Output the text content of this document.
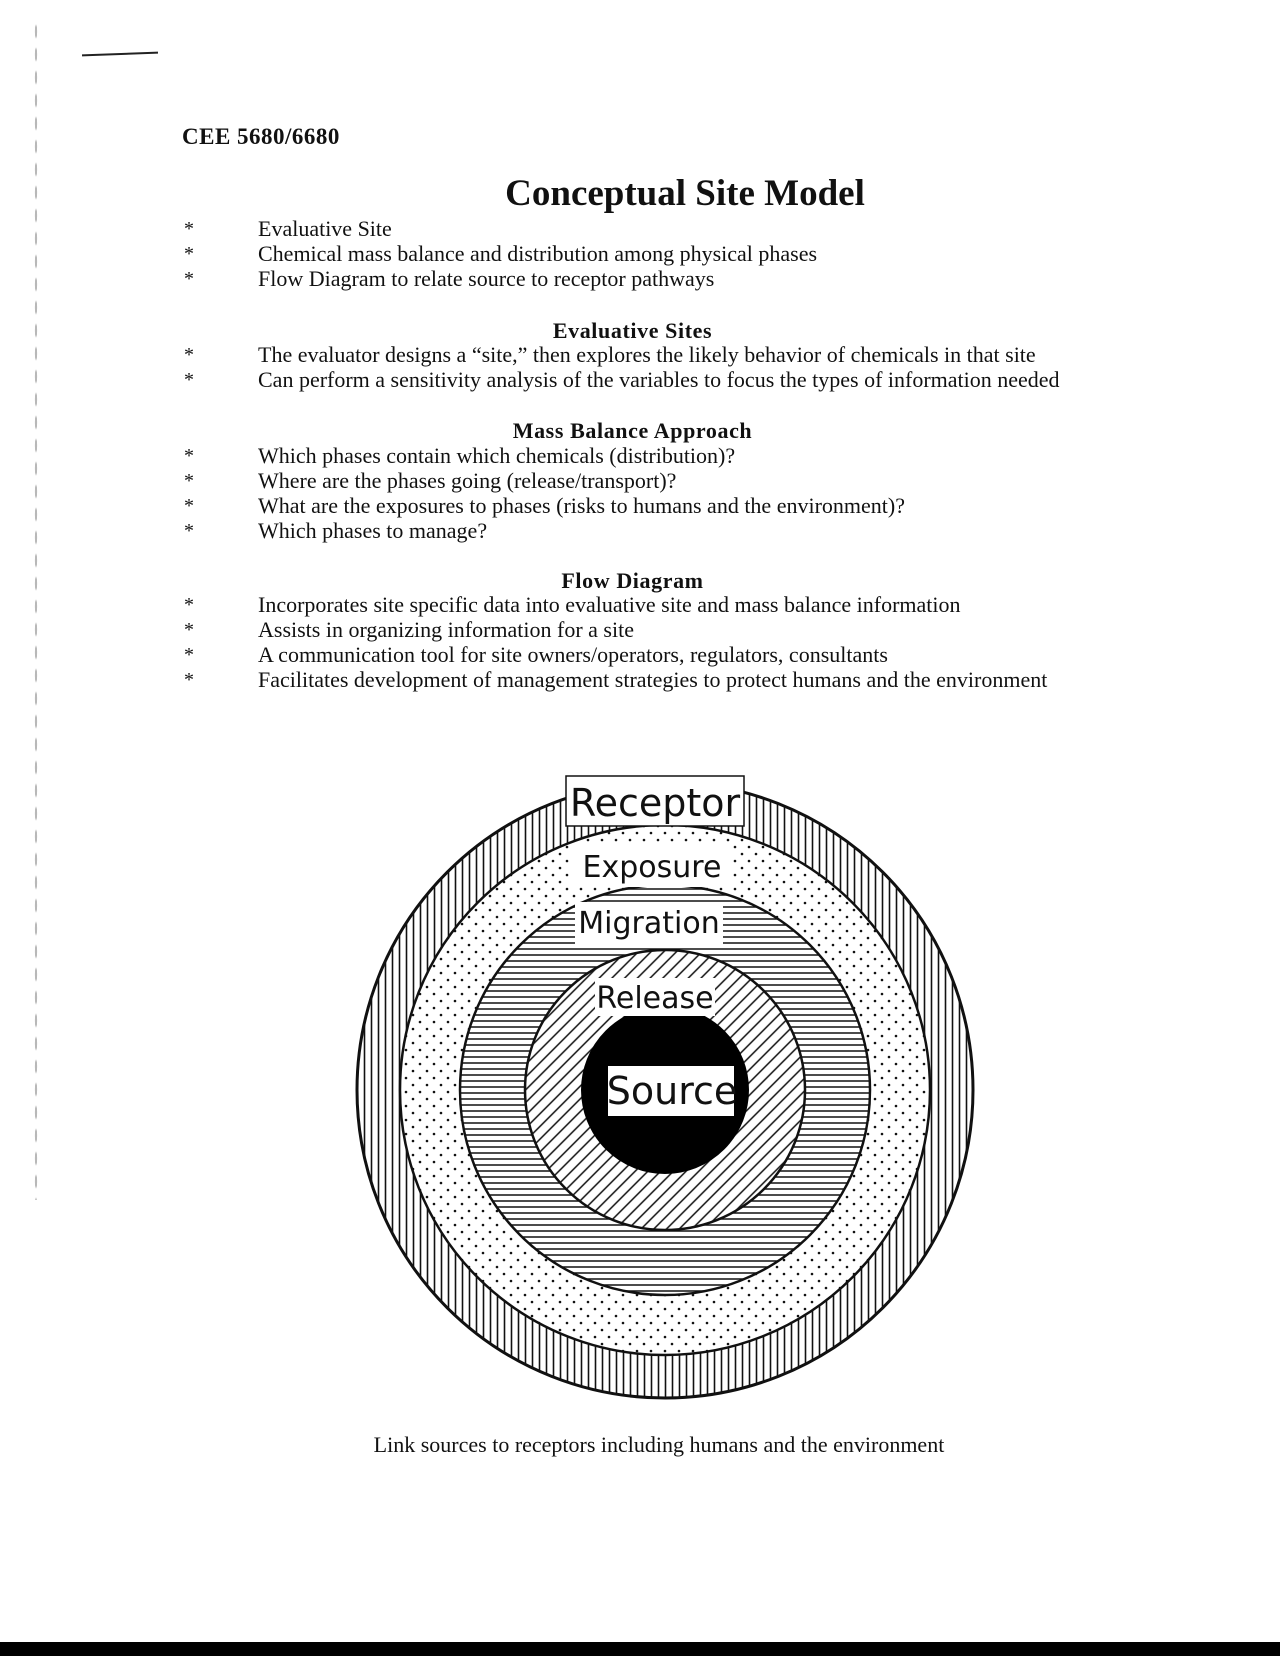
CEE 5680/6680
Conceptual Site Model
*	Evaluative Site
*	Chemical mass balance and distribution among physical phases
*	Flow Diagram to relate source to receptor pathways
Evaluative Sites
*	The evaluator designs a “site,” then explores the likely behavior of chemicals in that site
*	Can perform a sensitivity analysis of the variables to focus the types of information needed
Mass Balance Approach
*	Which phases contain which chemicals (distribution)?
*	Where are the phases going (release/transport)?
*	What are the exposures to phases (risks to humans and the environment)?
*	Which phases to manage?
Flow Diagram
*	Incorporates site specific data into evaluative site and mass balance information
*	Assists in organizing information for a site
*	A communication tool for site owners/operators, regulators, consultants
*	Facilitates development of management strategies to protect humans and the environment
Receptor
Exposure
Migration
Release
Source
Link sources to receptors including humans and the environment
